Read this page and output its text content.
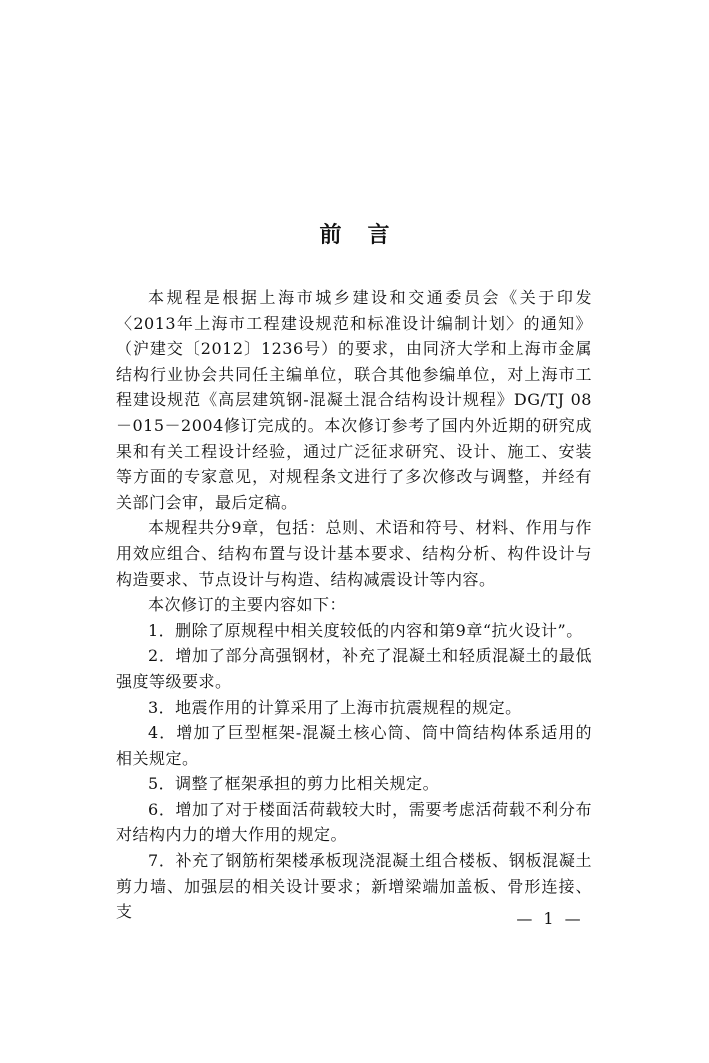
前言

本规程是根据上海市城乡建设和交通委员会《关于印发〈2013年上海市工程建设规范和标准设计编制计划〉的通知》（沪建交〔2012〕1236号）的要求，由同济大学和上海市金属结构行业协会共同任主编单位，联合其他参编单位，对上海市工程建设规范《高层建筑钢-混凝土混合结构设计规程》DG/TJ 08－015－2004修订完成的。本次修订参考了国内外近期的研究成果和有关工程设计经验，通过广泛征求研究、设计、施工、安装等方面的专家意见，对规程条文进行了多次修改与调整，并经有关部门会审，最后定稿。

本规程共分9章，包括：总则、术语和符号、材料、作用与作用效应组合、结构布置与设计基本要求、结构分析、构件设计与构造要求、节点设计与构造、结构减震设计等内容。

本次修订的主要内容如下：

1．删除了原规程中相关度较低的内容和第9章“抗火设计”。

2．增加了部分高强钢材，补充了混凝土和轻质混凝土的最低强度等级要求。

3．地震作用的计算采用了上海市抗震规程的规定。

4．增加了巨型框架-混凝土核心筒、筒中筒结构体系适用的相关规定。

5．调整了框架承担的剪力比相关规定。

6．增加了对于楼面活荷载较大时，需要考虑活荷载不利分布对结构内力的增大作用的规定。

7．补充了钢筋桁架楼承板现浇混凝土组合楼板、钢板混凝土剪力墙、加强层的相关设计要求；新增梁端加盖板、骨形连接、支	— 1 —
